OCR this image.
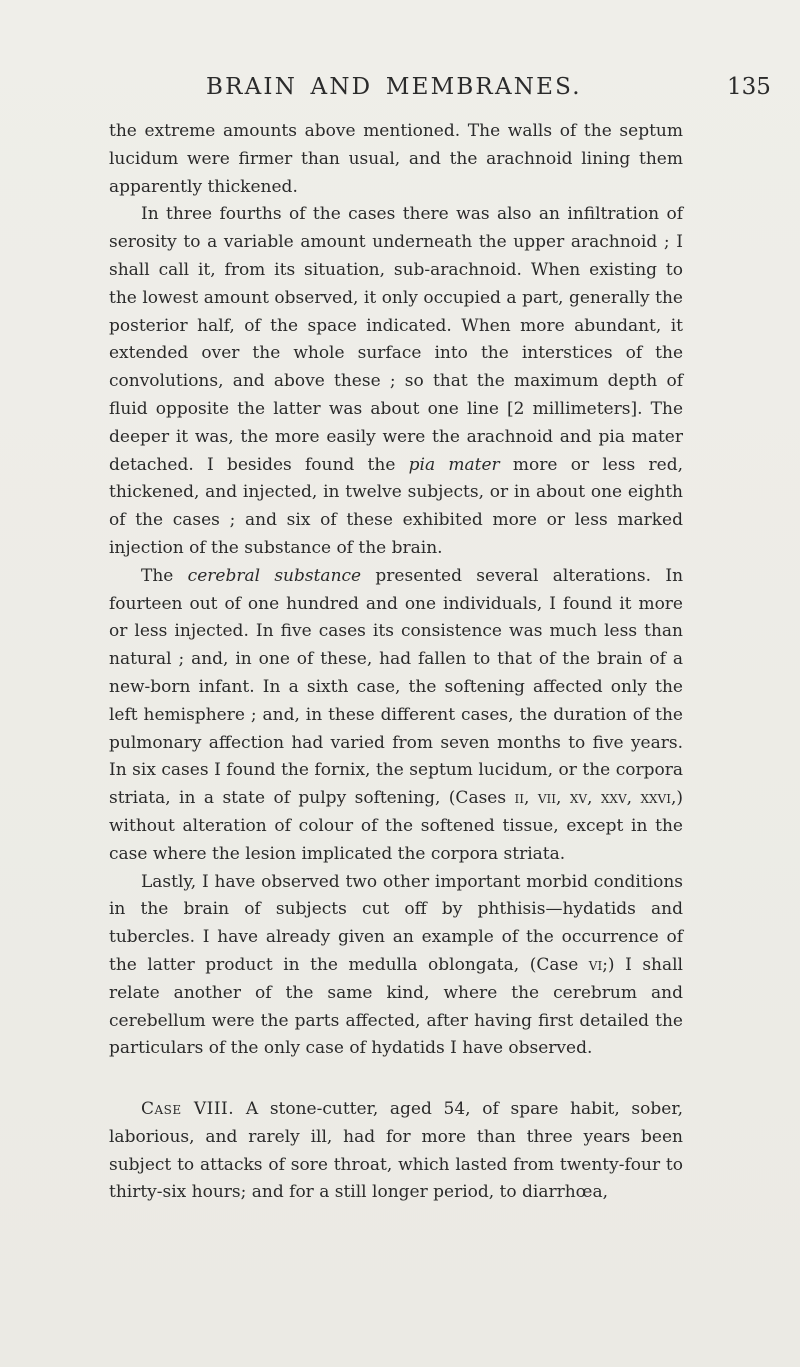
BRAIN AND MEMBRANES.	135

the extreme amounts above mentioned. The walls of the septum lucidum were firmer than usual, and the arachnoid lining them apparently thickened.

In three fourths of the cases there was also an infiltration of serosity to a variable amount underneath the upper arachnoid ; I shall call it, from its situation, sub-arachnoid. When existing to the lowest amount observed, it only occupied a part, generally the posterior half, of the space indicated. When more abundant, it extended over the whole surface into the interstices of the convolutions, and above these ; so that the maximum depth of fluid opposite the latter was about one line [2 millimeters]. The deeper it was, the more easily were the arachnoid and pia mater detached. I besides found the pia mater more or less red, thickened, and injected, in twelve subjects, or in about one eighth of the cases ; and six of these exhibited more or less marked injection of the substance of the brain.

The cerebral substance presented several alterations. In fourteen out of one hundred and one individuals, I found it more or less injected. In five cases its consistence was much less than natural ; and, in one of these, had fallen to that of the brain of a new-born infant. In a sixth case, the softening affected only the left hemisphere ; and, in these different cases, the duration of the pulmonary affection had varied from seven months to five years. In six cases I found the fornix, the septum lucidum, or the corpora striata, in a state of pulpy softening, (Cases ii, vii, xv, xxv, xxvi,) without alteration of colour of the softened tissue, except in the case where the lesion implicated the corpora striata.

Lastly, I have observed two other important morbid conditions in the brain of subjects cut off by phthisis—hydatids and tubercles. I have already given an example of the occurrence of the latter product in the medulla oblongata, (Case vi;) I shall relate another of the same kind, where the cerebrum and cerebellum were the parts affected, after having first detailed the particulars of the only case of hydatids I have observed.

Case VIII. A stone-cutter, aged 54, of spare habit, sober, laborious, and rarely ill, had for more than three years been subject to attacks of sore throat, which lasted from twenty-four to thirty-six hours; and for a still longer period, to diarrhœa,
